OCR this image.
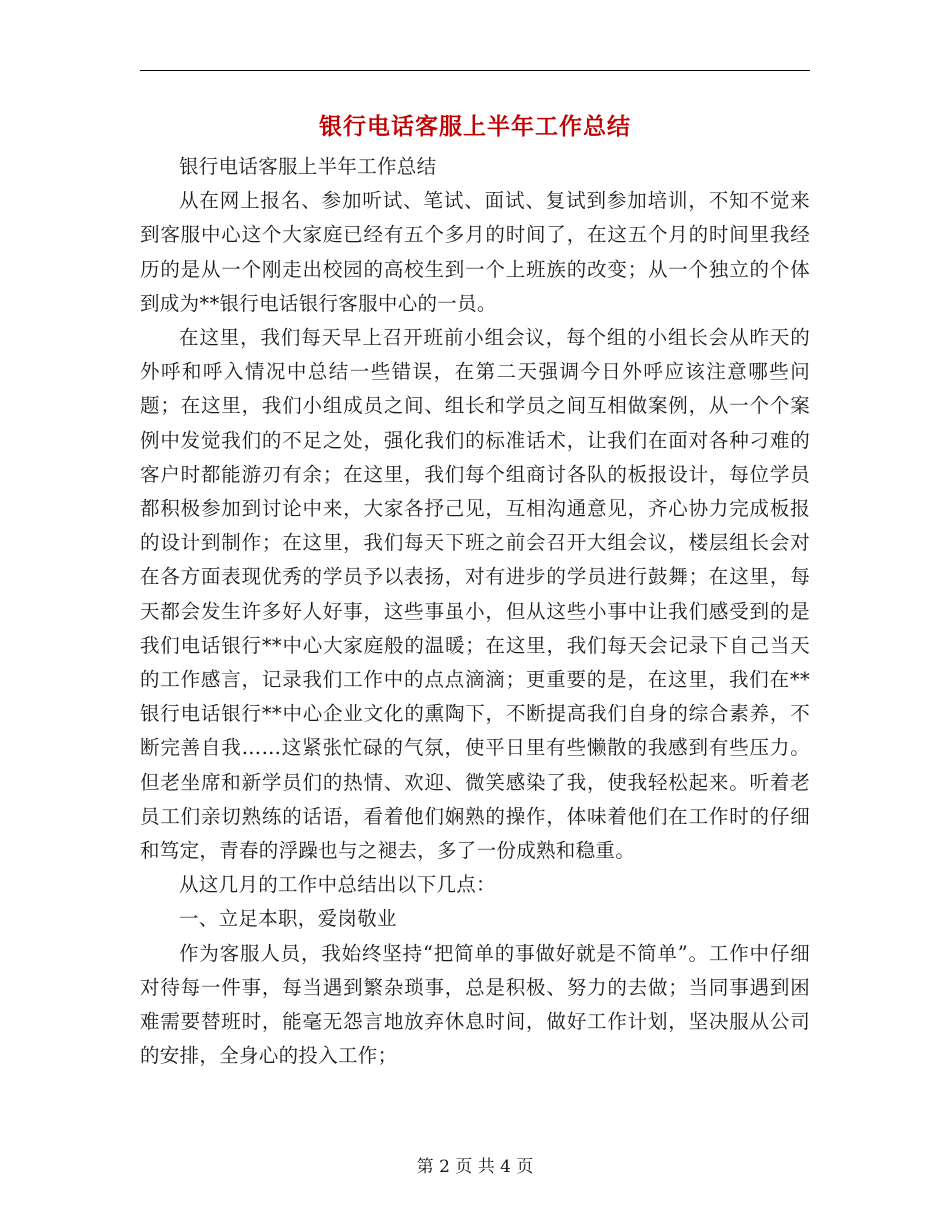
银行电话客服上半年工作总结

银行电话客服上半年工作总结

从在网上报名、参加听试、笔试、面试、复试到参加培训，不知不觉来到客服中心这个大家庭已经有五个多月的时间了，在这五个月的时间里我经历的是从一个刚走出校园的高校生到一个上班族的改变；从一个独立的个体到成为**银行电话银行客服中心的一员。

在这里，我们每天早上召开班前小组会议，每个组的小组长会从昨天的外呼和呼入情况中总结一些错误，在第二天强调今日外呼应该注意哪些问题；在这里，我们小组成员之间、组长和学员之间互相做案例，从一个个案例中发觉我们的不足之处，强化我们的标准话术，让我们在面对各种刁难的客户时都能游刃有余；在这里，我们每个组商讨各队的板报设计，每位学员都积极参加到讨论中来，大家各抒己见，互相沟通意见，齐心协力完成板报的设计到制作；在这里，我们每天下班之前会召开大组会议，楼层组长会对在各方面表现优秀的学员予以表扬，对有进步的学员进行鼓舞；在这里，每天都会发生许多好人好事，这些事虽小，但从这些小事中让我们感受到的是我们电话银行**中心大家庭般的温暖；在这里，我们每天会记录下自己当天的工作感言，记录我们工作中的点点滴滴；更重要的是，在这里，我们在**银行电话银行**中心企业文化的熏陶下，不断提高我们自身的综合素养，不断完善自我……这紧张忙碌的气氛，使平日里有些懒散的我感到有些压力。但老坐席和新学员们的热情、欢迎、微笑感染了我，使我轻松起来。听着老员工们亲切熟练的话语，看着他们娴熟的操作，体味着他们在工作时的仔细和笃定，青春的浮躁也与之褪去，多了一份成熟和稳重。

从这几月的工作中总结出以下几点：

一、立足本职，爱岗敬业

作为客服人员，我始终坚持“把简单的事做好就是不简单”。工作中仔细对待每一件事，每当遇到繁杂琐事，总是积极、努力的去做；当同事遇到困难需要替班时，能毫无怨言地放弃休息时间，做好工作计划，坚决服从公司的安排，全身心的投入工作；

第 2 页 共 4 页
